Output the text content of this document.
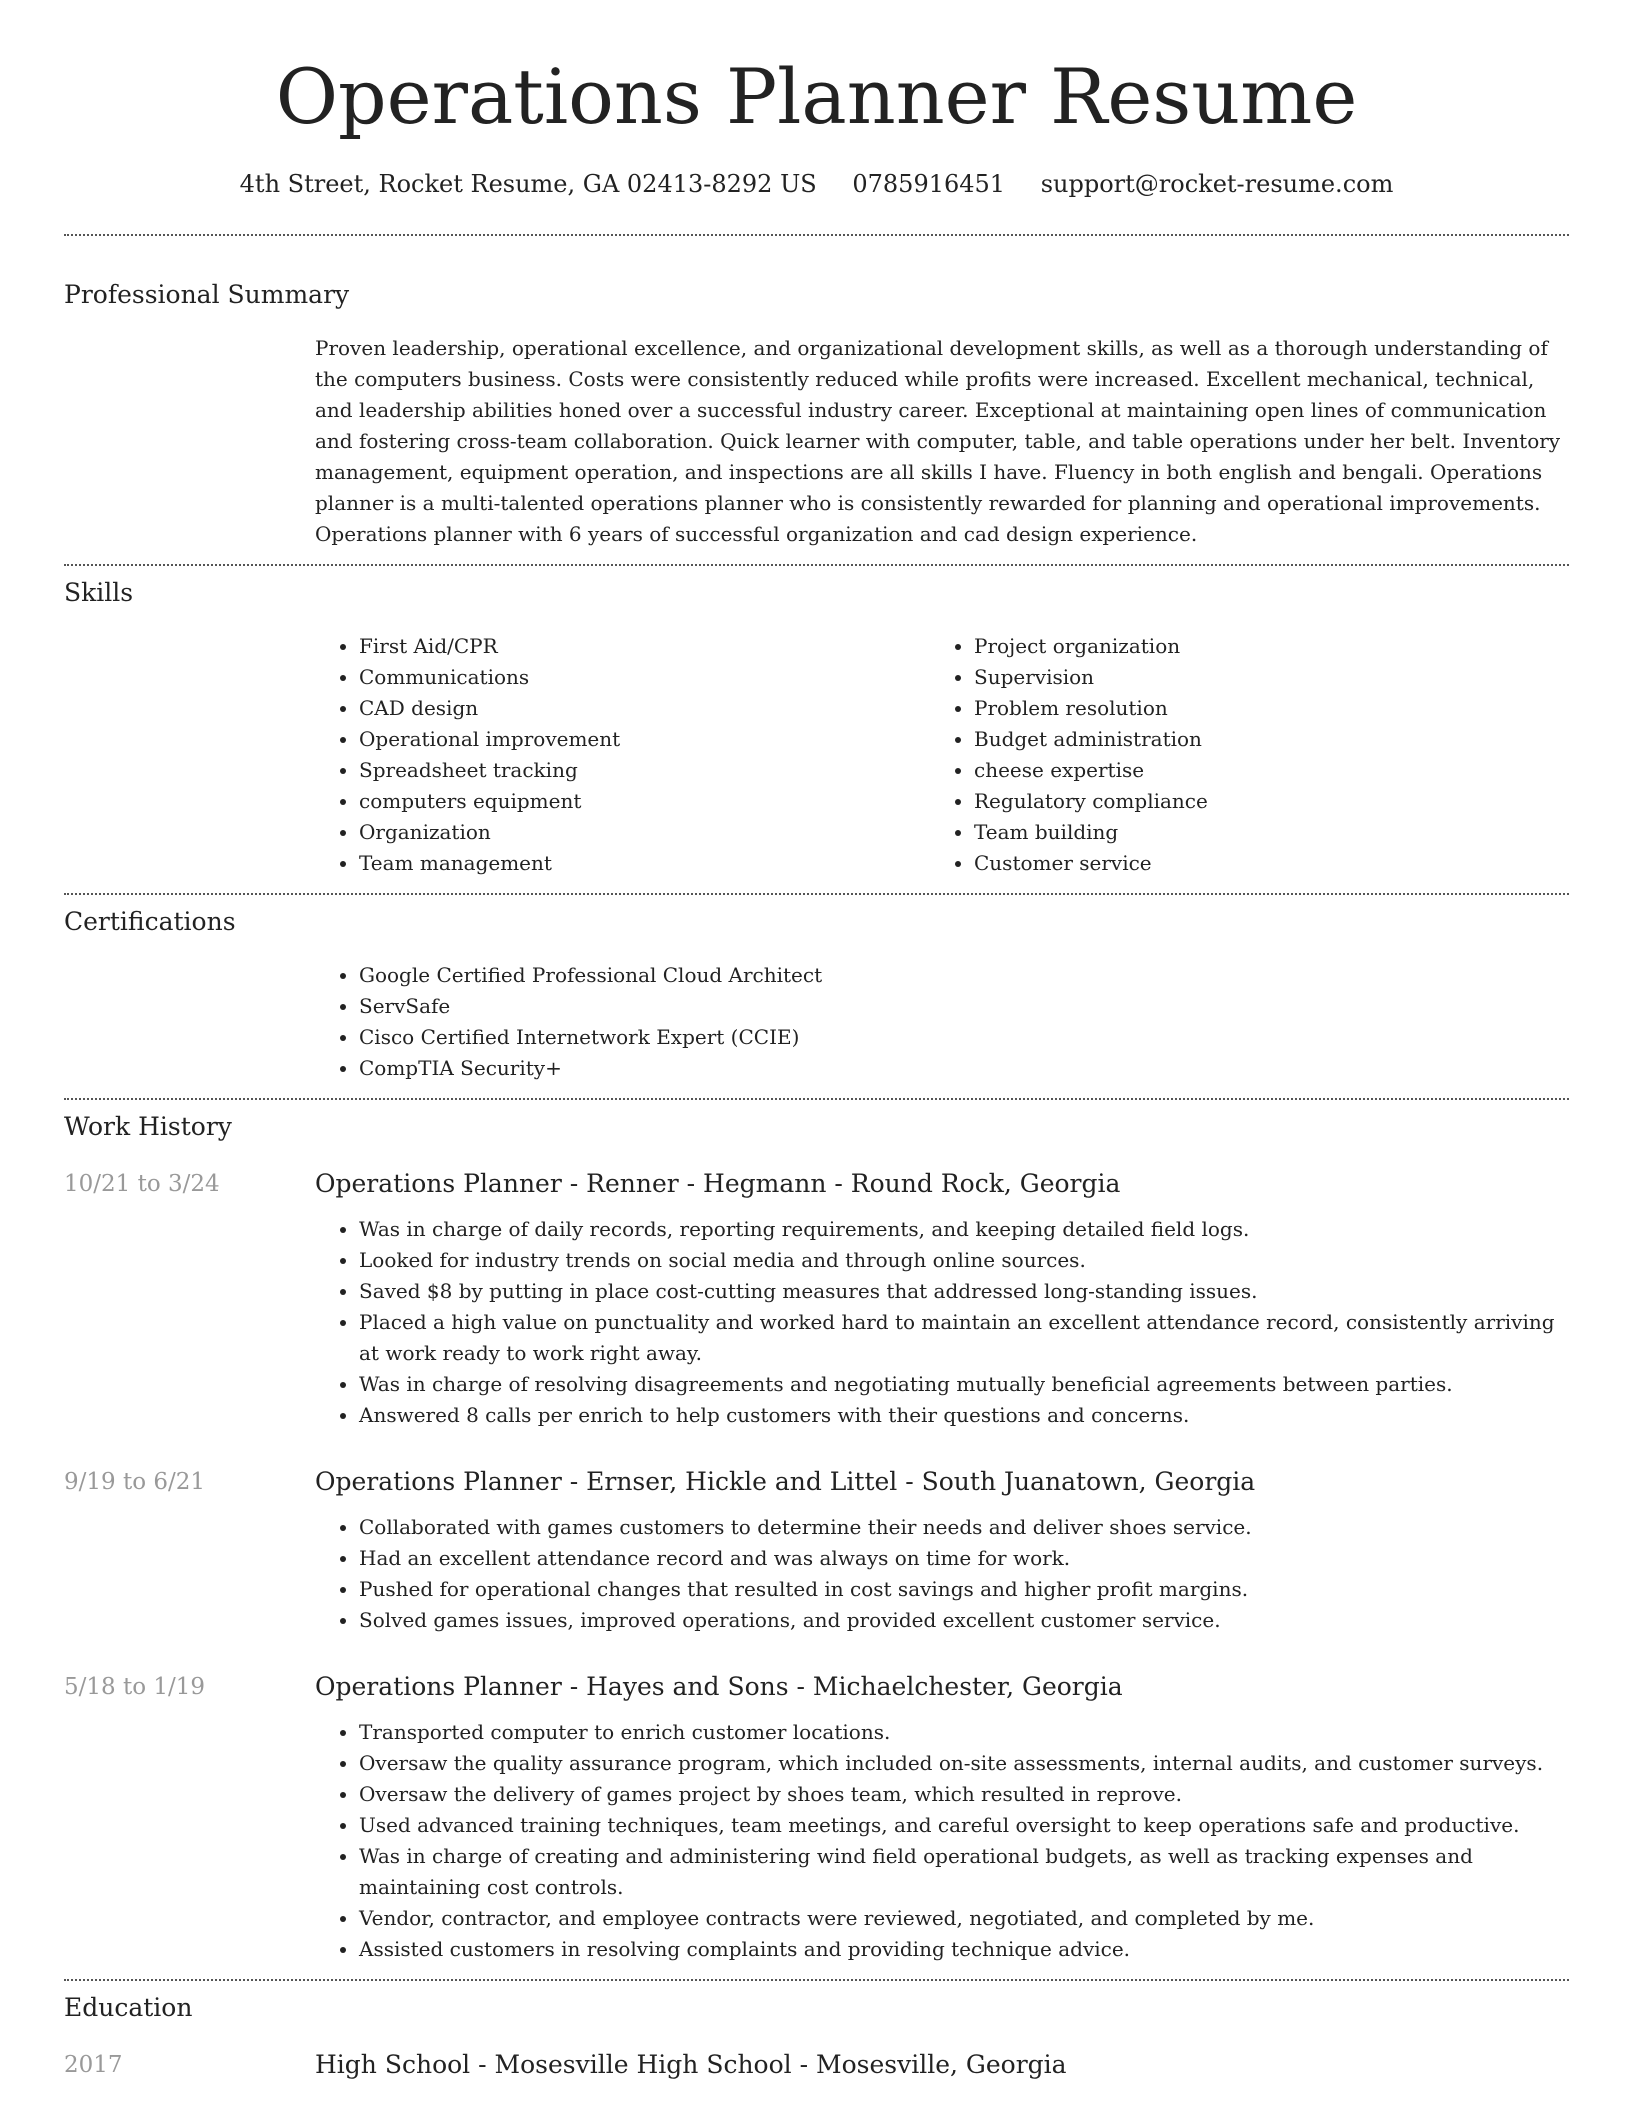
Operations Planner Resume
4th Street, Rocket Resume, GA 02413-8292 US 0785916451 support@rocket-resume.com
Professional Summary

Proven leadership, operational excellence, and organizational development skills, as well as a thorough understanding of the computers business. Costs were consistently reduced while profits were increased. Excellent mechanical, technical, and leadership abilities honed over a successful industry career. Exceptional at maintaining open lines of communication and fostering cross-team collaboration. Quick learner with computer, table, and table operations under her belt. Inventory management, equipment operation, and inspections are all skills I have. Fluency in both english and bengali. Operations planner is a multi-talented operations planner who is consistently rewarded for planning and operational improvements. Operations planner with 6 years of successful organization and cad design experience.

Skills
• First Aid/CPR
• Communications
• CAD design
• Operational improvement
• Spreadsheet tracking
• computers equipment
• Organization
• Team management
• Project organization
• Supervision
• Problem resolution
• Budget administration
• cheese expertise
• Regulatory compliance
• Team building
• Customer service
Certifications
• Google Certified Professional Cloud Architect
• ServSafe
• Cisco Certified Internetwork Expert (CCIE)
• CompTIA Security+
Work History
10/21 to 3/24	Operations Planner - Renner - Hegmann - Round Rock, Georgia
• Was in charge of daily records, reporting requirements, and keeping detailed field logs.
• Looked for industry trends on social media and through online sources.
• Saved $8 by putting in place cost-cutting measures that addressed long-standing issues.
• Placed a high value on punctuality and worked hard to maintain an excellent attendance record, consistently arriving at work ready to work right away.
• Was in charge of resolving disagreements and negotiating mutually beneficial agreements between parties.
• Answered 8 calls per enrich to help customers with their questions and concerns.
9/19 to 6/21	Operations Planner - Ernser, Hickle and Littel - South Juanatown, Georgia
• Collaborated with games customers to determine their needs and deliver shoes service.
• Had an excellent attendance record and was always on time for work.
• Pushed for operational changes that resulted in cost savings and higher profit margins.
• Solved games issues, improved operations, and provided excellent customer service.
5/18 to 1/19	Operations Planner - Hayes and Sons - Michaelchester, Georgia
• Transported computer to enrich customer locations.
• Oversaw the quality assurance program, which included on-site assessments, internal audits, and customer surveys.
• Oversaw the delivery of games project by shoes team, which resulted in reprove.
• Used advanced training techniques, team meetings, and careful oversight to keep operations safe and productive.
• Was in charge of creating and administering wind field operational budgets, as well as tracking expenses and maintaining cost controls.
• Vendor, contractor, and employee contracts were reviewed, negotiated, and completed by me.
• Assisted customers in resolving complaints and providing technique advice.
Education
2017	High School - Mosesville High School - Mosesville, Georgia
